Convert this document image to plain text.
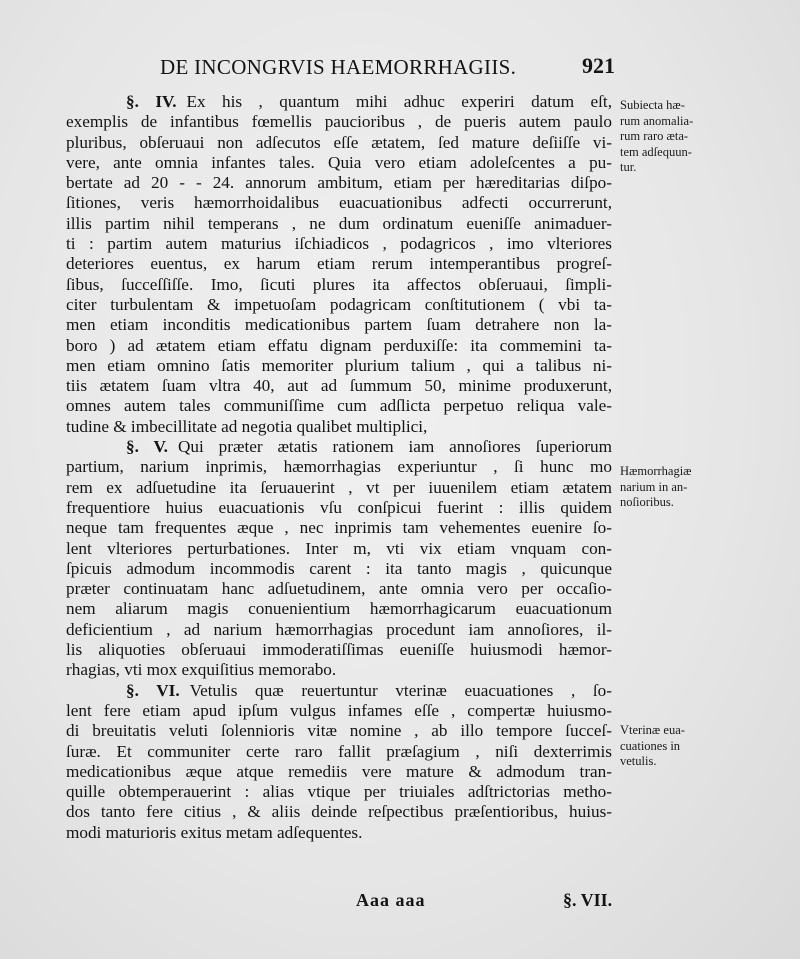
DE INCONGRVIS HAEMORRHAGIIS.	921
§. IV. Ex his , quantum mihi adhuc experiri datum eſt,
exemplis de infantibus fœmellis paucioribus , de pueris autem paulo
pluribus, obſeruaui non adſecutos eſſe ætatem, ſed mature deſiiſſe vi-
vere, ante omnia infantes tales. Quia vero etiam adoleſcentes a pu-
bertate ad 20 - - 24. annorum ambitum, etiam per hæreditarias diſpo-
ſitiones, veris hæmorrhoidalibus euacuationibus adfecti occurrerunt,
illis partim nihil temperans , ne dum ordinatum eueniſſe animaduer-
ti : partim autem maturius iſchiadicos , podagricos , imo vlteriores
deteriores euentus, ex harum etiam rerum intemperantibus progreſ-
ſibus, ſucceſſiſſe. Imo, ſicuti plures ita affectos obſeruaui, ſimpli-
citer turbulentam & impetuoſam podagricam conſtitutionem ( vbi ta-
men etiam inconditis medicationibus partem ſuam detrahere non la-
boro ) ad ætatem etiam effatu dignam perduxiſſe: ita commemini ta-
men etiam omnino ſatis memoriter plurium talium , qui a talibus ni-
tiis ætatem ſuam vltra 40, aut ad ſummum 50, minime produxerunt,
omnes autem tales communiſſime cum adſlicta perpetuo reliqua vale-
tudine & imbecillitate ad negotia qualibet multiplici,
§. V. Qui præter ætatis rationem iam annoſiores ſuperiorum
partium, narium inprimis, hæmorrhagias experiuntur , ſi hunc mo
rem ex adſuetudine ita ſeruauerint , vt per iuuenilem etiam ætatem
frequentiore huius euacuationis vſu conſpicui fuerint : illis quidem
neque tam frequentes æque , nec inprimis tam vehementes euenire ſo-
lent vlteriores perturbationes. Inter m, vti vix etiam vnquam con-
ſpicuis admodum incommodis carent : ita tanto magis , quicunque
præter continuatam hanc adſuetudinem, ante omnia vero per occaſio-
nem aliarum magis conuenientium hæmorrhagicarum euacuationum
deficientium , ad narium hæmorrhagias procedunt iam annoſiores, il-
lis aliquoties obſeruaui immoderatiſſimas eueniſſe huiusmodi hæmor-
rhagias, vti mox exquiſitius memorabo.
§. VI. Vetulis quæ reuertuntur vterinæ euacuationes , ſo-
lent fere etiam apud ipſum vulgus infames eſſe , compertæ huiusmo-
di breuitatis veluti ſolennioris vitæ nomine , ab illo tempore ſucceſ-
ſuræ. Et communiter certe raro fallit præſagium , niſi dexterrimis
medicationibus æque atque remediis vere mature & admodum tran-
quille obtemperauerint : alias vtique per triuiales adſtrictorias metho-
dos tanto fere citius , & aliis deinde reſpectibus præſentioribus, huius-
modi maturioris exitus metam adſequentes.
Subiecta hæ-
rum anomalia-
rum raro æta-
tem adſequun-
tur.
Hæmorrhagiæ
narium in an-
noſioribus.
Vterinæ eua-
cuationes in
vetulis.
Aaa aaa	§. VII.
